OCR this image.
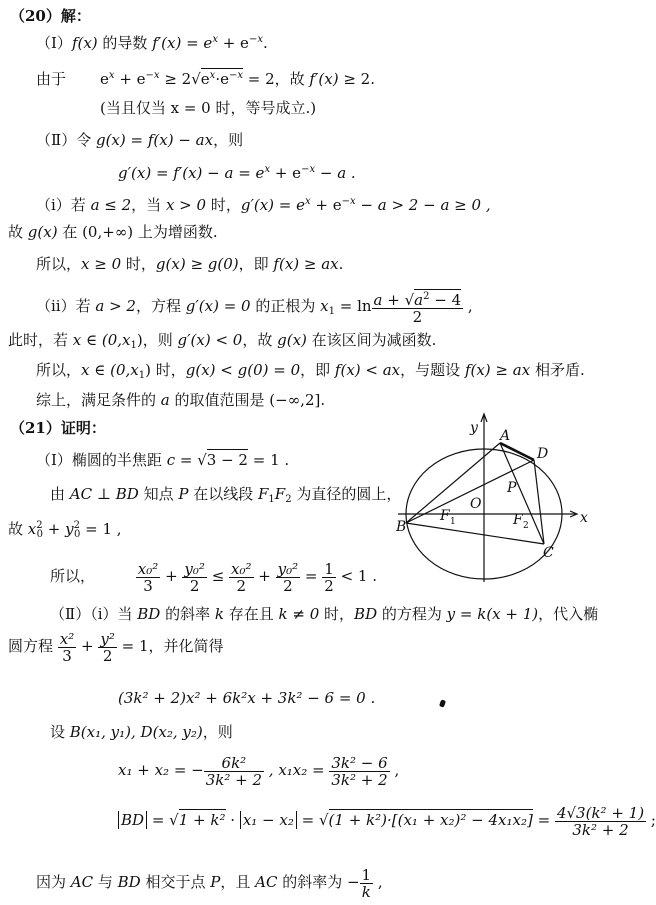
（20）解：
（Ⅰ）f(x) 的导数 $f'(x) = e^x + e^{-x}$.
由于 $e^x + e^{-x} \ge 2√e^x\cdot e^{-x} = 2$，故 f′(x) ≥ 2.
(当且仅当 x = 0 时，等号成立.)
（Ⅱ）令 g(x) = f(x) − ax，则
$g'(x) = f'(x) - a = e^x + e^{-x} - a$ .
（ⅰ）若 a ≤ 2，当 x > 0 时，$g'(x) = e^x + e^{-x} - a > 2 - a \ge 0$ ,
故 g(x) 在 (0,+∞) 上为增函数.
所以，x ≥ 0 时，g(x) ≥ g(0)，即 f(x) ≥ ax.
（ⅱ）若 a > 2，方程 g′(x) = 0 的正根为 $x_1 = \ln \frac{a + √a^2 - 4}{2}$ ,
此时，若 x ∈ $(0,x_1)$，则 g′(x) < 0，故 g(x) 在该区间为减函数.
所以，x ∈ $(0,x_1)$ 时，g(x) < g(0) = 0，即 f(x) < ax，与题设 f(x) ≥ ax 相矛盾.
综上，满足条件的 a 的取值范围是 (−∞,2].
（21）证明：
（Ⅰ）椭圆的半焦距 c = √3 − 2 = 1 .
由 AC ⊥ BD 知点 P 在以线段 $F_1F_2$ 为直径的圆上，
故 $x^2_0 + y^2_0 = 1$ ,
所以，	$\frac{\text{x₀²}}{3} + \frac{\text{y₀²}}{2} \le \frac{\text{x₀²}}{2} + \frac{\text{y₀²}}{2} = \frac{1}{2} < 1$ .
（Ⅱ）（ⅰ）当 BD 的斜率 k 存在且 k ≠ 0 时，BD 的方程为 y = k(x + 1)，代入椭
圆方程 $\frac{\text{x²}}{3} + \frac{\text{y²}}{2} = 1$，并化简得
(3k² + 2)x² + 6k²x + 3k² − 6 = 0 .
设 B(x₁, y₁), D(x₂, y₂)，则
x₁ + x₂ = − $\frac{\text{6k²}}{\text{3k² + 2}}$ , $x_1x_2 = \frac{\text{3k² − 6}}{\text{3k² + 2}}$ ,
BD = $√1 + k^2 \cdot x_1 - x_2 = √(1 + k^2)\cdot[(x_1 + x_2)^2 - 4x_1x_2] = \frac{\text{4√3(k² + 1)}}{\text{3k² + 2}}$ ;
因为 AC 与 BD 相交于点 P，且 AC 的斜率为 − $\frac{1}{k}$ ,
y
x
A
D
P
B
F 1
O
F 2
C
